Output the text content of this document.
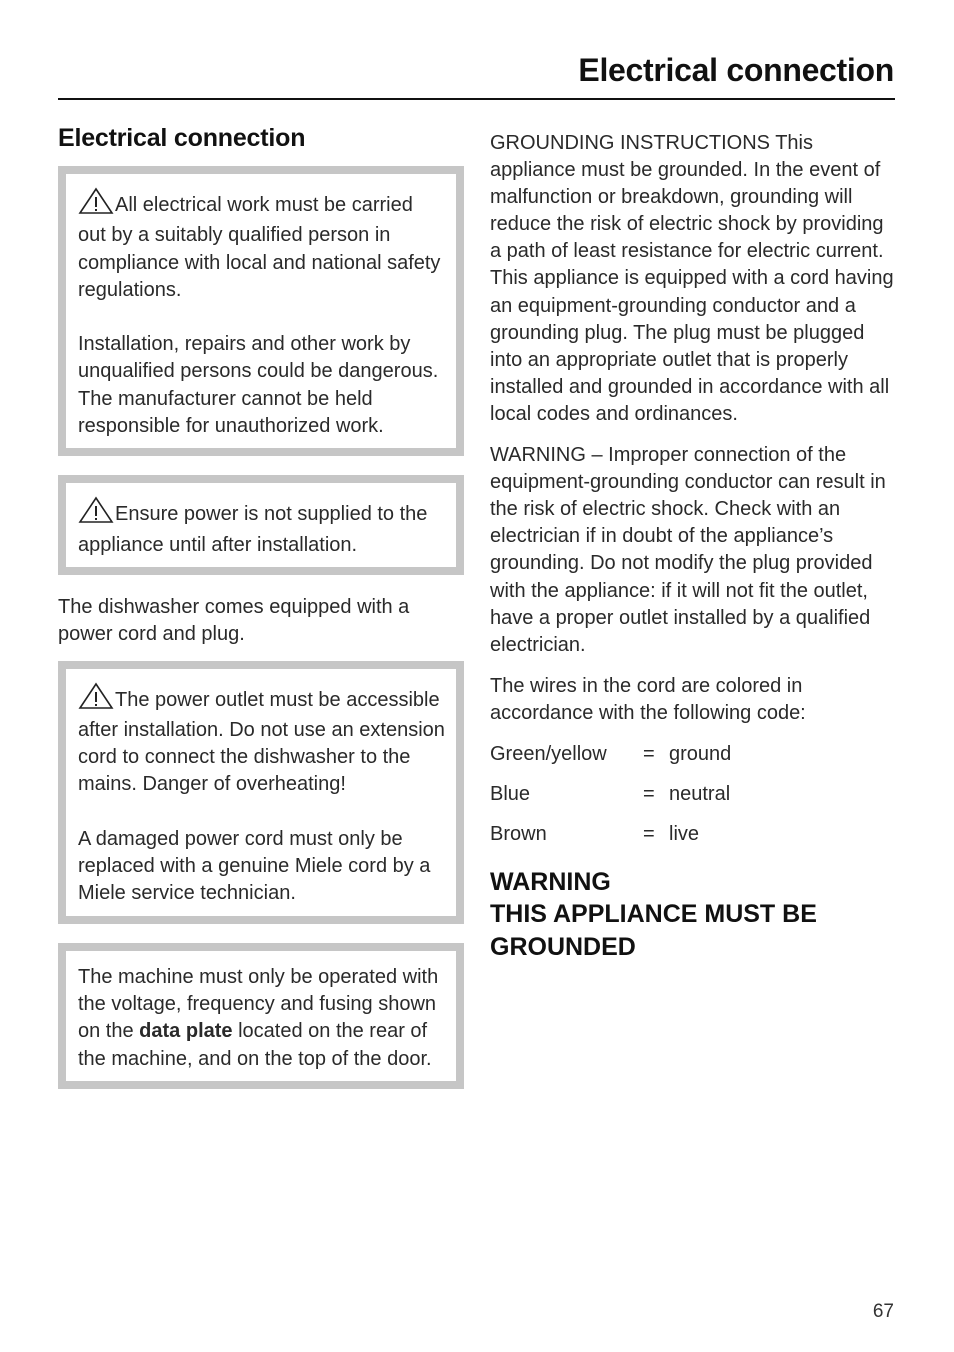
Electrical connection
Electrical connection

All electrical work must be carried out by a suitably qualified person in compliance with local and national safety regulations.

Installation, repairs and other work by unqualified persons could be dangerous. The manufacturer cannot be held responsible for unauthorized work.

Ensure power is not supplied to the appliance until after installation.

The dishwasher comes equipped with a power cord and plug.

The power outlet must be accessible after installation. Do not use an extension cord to connect the dishwasher to the mains. Danger of overheating!

A damaged power cord must only be replaced with a genuine Miele cord by a Miele service technician.

The machine must only be operated with the voltage, frequency and fusing shown on the data plate located on the rear of the machine, and on the top of the door.

GROUNDING INSTRUCTIONS This appliance must be grounded. In the event of malfunction or breakdown, grounding will reduce the risk of electric shock by providing a path of least resistance for electric current. This appliance is equipped with a cord having an equipment-grounding conductor and a grounding plug. The plug must be plugged into an appropriate outlet that is properly installed and grounded in accordance with all local codes and ordinances.

WARNING – Improper connection of the equipment-grounding conductor can result in the risk of electric shock. Check with an electrician if in doubt of the appliance’s grounding. Do not modify the plug provided with the appliance: if it will not fit the outlet, have a proper outlet installed by a qualified electrician.

The wires in the cord are colored in accordance with the following code:

Green/yellow	= ground
Blue	= neutral
Brown	= live
WARNING
THIS APPLIANCE MUST BE
GROUNDED
67
